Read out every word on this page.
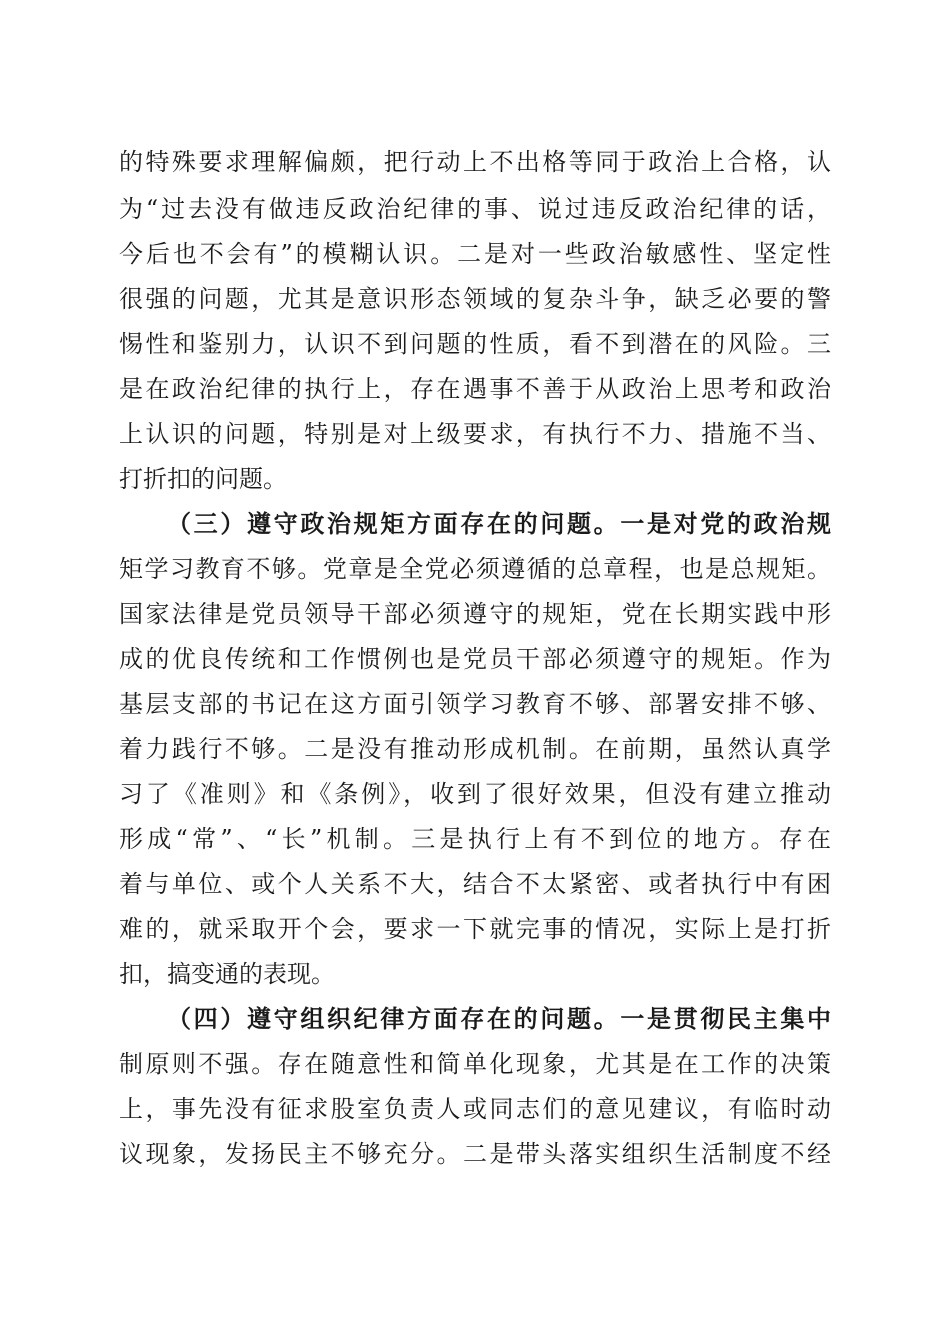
的特殊要求理解偏颇，把行动上不出格等同于政治上合格，认
为“过去没有做违反政治纪律的事、说过违反政治纪律的话，
今后也不会有”的模糊认识。二是对一些政治敏感性、坚定性
很强的问题，尤其是意识形态领域的复杂斗争，缺乏必要的警
惕性和鉴别力，认识不到问题的性质，看不到潜在的风险。三
是在政治纪律的执行上，存在遇事不善于从政治上思考和政治
上认识的问题，特别是对上级要求，有执行不力、措施不当、
打折扣的问题。
（三）遵守政治规矩方面存在的问题。一是对党的政治规
矩学习教育不够。党章是全党必须遵循的总章程，也是总规矩。
国家法律是党员领导干部必须遵守的规矩，党在长期实践中形
成的优良传统和工作惯例也是党员干部必须遵守的规矩。作为
基层支部的书记在这方面引领学习教育不够、部署安排不够、
着力践行不够。二是没有推动形成机制。在前期，虽然认真学
习了《准则》和《条例》，收到了很好效果，但没有建立推动
形成“常”、“长”机制。三是执行上有不到位的地方。存在
着与单位、或个人关系不大，结合不太紧密、或者执行中有困
难的，就采取开个会，要求一下就完事的情况，实际上是打折
扣，搞变通的表现。
（四）遵守组织纪律方面存在的问题。一是贯彻民主集中
制原则不强。存在随意性和简单化现象，尤其是在工作的决策
上，事先没有征求股室负责人或同志们的意见建议，有临时动
议现象，发扬民主不够充分。二是带头落实组织生活制度不经
